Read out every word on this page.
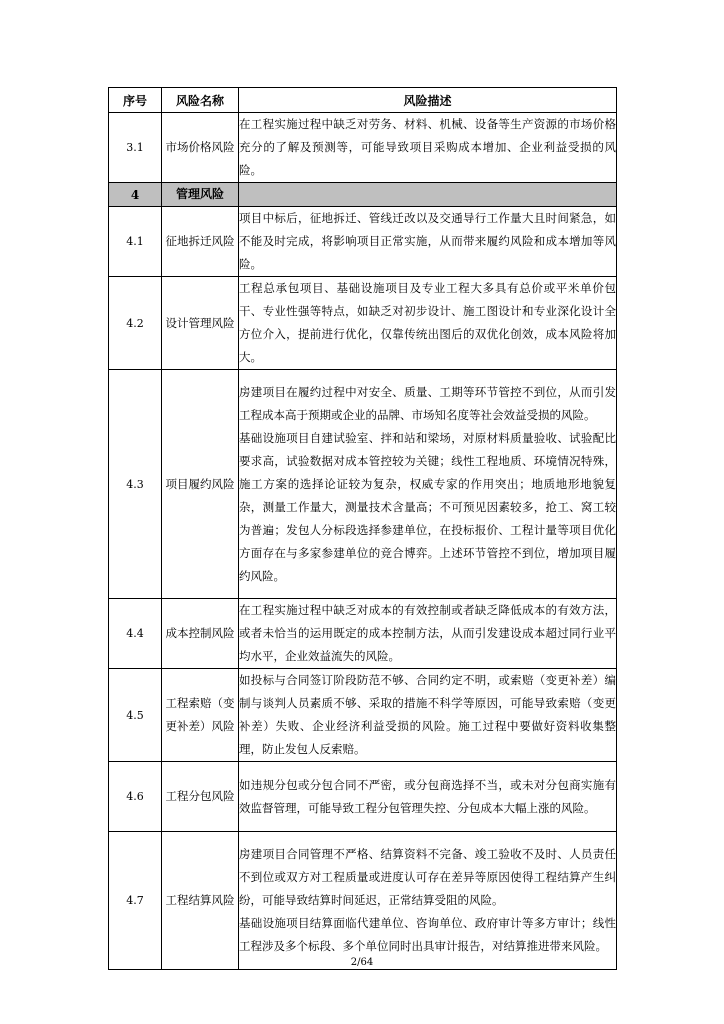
序号	风险名称	风险描述
3.1	市场价格风险	在工程实施过程中缺乏对劳务、材料、机械、设备等生产资源的市场价格充分的了解及预测等，可能导致项目采购成本增加、企业利益受损的风险。

4	管理风险	
4.1	征地拆迁风险	项目中标后，征地拆迁、管线迁改以及交通导行工作量大且时间紧急，如不能及时完成，将影响项目正常实施，从而带来履约风险和成本增加等风险。

4.2	设计管理风险	工程总承包项目、基础设施项目及专业工程大多具有总价或平米单价包干、专业性强等特点，如缺乏对初步设计、施工图设计和专业深化设计全方位介入，提前进行优化，仅靠传统出图后的双优化创效，成本风险将加大。

4.3	项目履约风险	房建项目在履约过程中对安全、质量、工期等环节管控不到位，从而引发工程成本高于预期或企业的品牌、市场知名度等社会效益受损的风险。

基础设施项目自建试验室、拌和站和梁场，对原材料质量验收、试验配比要求高，试验数据对成本管控较为关键；线性工程地质、环境情况特殊，施工方案的选择论证较为复杂，权威专家的作用突出；地质地形地貌复杂，测量工作量大，测量技术含量高；不可预见因素较多，抢工、窝工较为普遍；发包人分标段选择参建单位，在投标报价、工程计量等项目优化方面存在与多家参建单位的竞合博弈。上述环节管控不到位，增加项目履约风险。

4.4	成本控制风险	在工程实施过程中缺乏对成本的有效控制或者缺乏降低成本的有效方法，或者未恰当的运用既定的成本控制方法，从而引发建设成本超过同行业平均水平，企业效益流失的风险。

4.5	工程索赔（变更补差）风险	如投标与合同签订阶段防范不够、合同约定不明，或索赔（变更补差）编制与谈判人员素质不够、采取的措施不科学等原因，可能导致索赔（变更补差）失败、企业经济利益受损的风险。施工过程中要做好资料收集整理，防止发包人反索赔。

4.6	工程分包风险	如违规分包或分包合同不严密，或分包商选择不当，或未对分包商实施有效监督管理，可能导致工程分包管理失控、分包成本大幅上涨的风险。

4.7	工程结算风险	房建项目合同管理不严格、结算资料不完备、竣工验收不及时、人员责任不到位或双方对工程质量或进度认可存在差异等原因使得工程结算产生纠纷，可能导致结算时间延迟，正常结算受阻的风险。

基础设施项目结算面临代建单位、咨询单位、政府审计等多方审计；线性工程涉及多个标段、多个单位同时出具审计报告，对结算推进带来风险。

2/64
